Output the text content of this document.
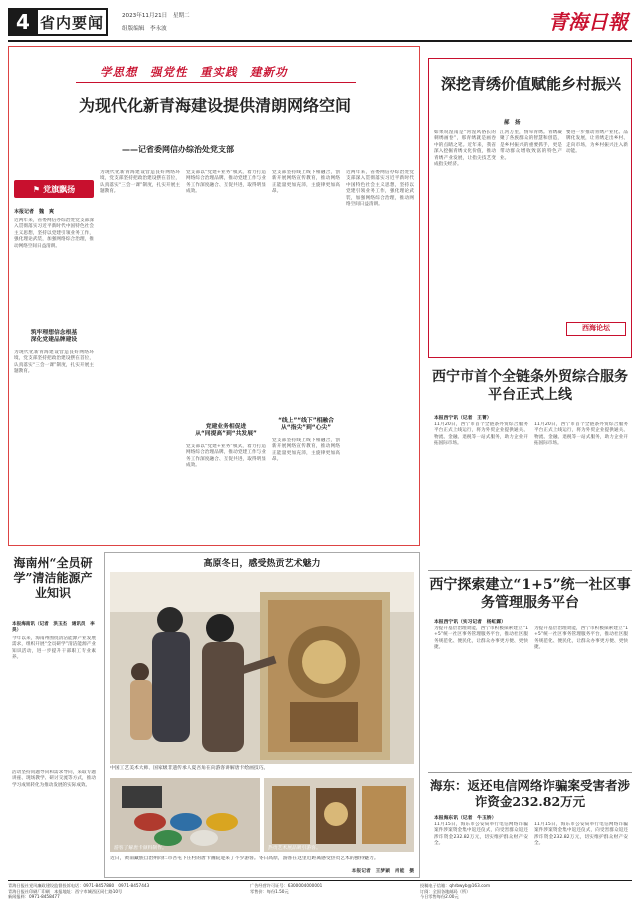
4 省内要闻	2023年11月21日　星期二
组版编辑　李永波	青海日報
学思想　强党性　重实践　建新功
为现代化新青海建设提供清朗网络空间
——记省委网信办综治处党支部
⚑ 党旗飘扬
本报记者　魏　爽
近两年来，省委网信办综治处党支部深入贯彻落实习近平新时代中国特色社会主义思想，坚持以党建引领业务工作，强化理论武装，加强网络综合治理，推动网络空间日益清朗。
筑牢理想信念根基
深化党建品牌建设
为现代化新青海建设营造良好网络环境，党支部坚持把政治建设摆在首位，认真落实“三会一课”制度，扎实开展主题教育。
为现代化新青海建设营造良好网络环境，党支部坚持把政治建设摆在首位，认真落实“三会一课”制度，扎实开展主题教育。
党支部以“党建+业务”模式，着力打造网络综合治理品牌，推动党建工作与业务工作深度融合、互促共进，取得明显成效。
党建业务相促进
从“同提高”到“共发展”
党支部以“党建+业务”模式，着力打造网络综合治理品牌，推动党建工作与业务工作深度融合、互促共进，取得明显成效。
党支部坚持线上线下相融合，创新开展网络宣传教育，推动网络正能量更加充沛，主旋律更加高昂。
“线上”“线下”相融合
从“指尖”到“心尖”
党支部坚持线上线下相融合，创新开展网络宣传教育，推动网络正能量更加充沛，主旋律更加高昂。
近两年来，省委网信办综治处党支部深入贯彻落实习近平新时代中国特色社会主义思想，坚持以党建引领业务工作，强化理论武装，加强网络综合治理，推动网络空间日益清朗。
深挖青绣价值赋能乡村振兴
郝　扬
如果说湟南是“河湟风俗长的刺绣画卷”，那青绣就是画卷中的点睛之笔。近年来，我省深入挖掘青绣文化价值，推动青绣产业发展，让指尖技艺变成指尖经济。
江河万里，情牵青绣。青绣凝聚了各族群众的智慧和创造，是乡村振兴的重要抓手，更是带动群众增收致富的特色产业。
要进一步推动青绣产业化、品牌化发展，让青绣走出乡村、走向市场，为乡村振兴注入新动能。
西海论坛
西宁市首个全链条外贸综合服务平台正式上线
本报西宁讯（记者　王菁）
11月20日，西宁市首个全链条外贸综合服务平台正式上线运行，将为外贸企业提供通关、物流、金融、退税等一站式服务，助力企业开拓国际市场。
11月20日，西宁市首个全链条外贸综合服务平台正式上线运行，将为外贸企业提供通关、物流、金融、退税等一站式服务，助力企业开拓国际市场。
西宁探索建立“1+5”统一社区事务管理服务平台
本报西宁讯（实习记者　杨虹霖）
为提升基层治理效能，西宁市积极探索建立“1+5”统一社区事务管理服务平台，推动社区服务规范化、便民化，让群众办事更方便、更快捷。
为提升基层治理效能，西宁市积极探索建立“1+5”统一社区事务管理服务平台，推动社区服务规范化、便民化，让群众办事更方便、更快捷。
海东：返还电信网络诈骗案受害者涉诈资金232.82万元
本报海东讯（记者　牛玉娇）
11月15日，海东市公安局举行电信网络诈骗案件涉案资金集中返还仪式，向受害群众返还涉诈资金232.82万元，切实维护群众财产安全。
11月15日，海东市公安局举行电信网络诈骗案件涉案资金集中返还仪式，向受害群众返还涉诈资金232.82万元，切实维护群众财产安全。
海南州“全员研学”清洁能源产业知识
本报海南讯（记者　洪玉杰　通讯员　李昊）
今年以来，海南州围绕清洁能源产业发展需求，组织开展“全员研学”清洁能源产业知识活动，进一步提升干部职工专业素养。
活动坚持问题导向和需求导向，采取专题讲座、现场教学、研讨交流等方式，推动学习成果转化为推动发展的实际成效。
高原冬日，感受热贡艺术魅力
中国工艺美术大师、国家级非遗传承人夏吾角在向游客讲解唐卡绘画技巧。
游客了解唐卡颜料制作。	热贡艺术展品吸引游客。
近日，黄南藏族自治州同仁市吾屯下庄村的唐卡画院迎来了不少游客。冬日高原，游客在这里近距离感受热贡艺术的独特魅力。
本报记者　王梦颖　肖能　摄
青海日报社党风廉政建设监督投诉电话：0971-8457880　0971-8457443
青海日报社印刷厂印刷　本报地址：西宁市城西区同仁路10号
新闻报料：0971-8458477
广告经营许可证号：6300004000001
零售价：每份1.50元
投稿电子信箱：qhrbwyb@163.com
订阅：全国各地邮局（所）
今日零售每份2.00元
